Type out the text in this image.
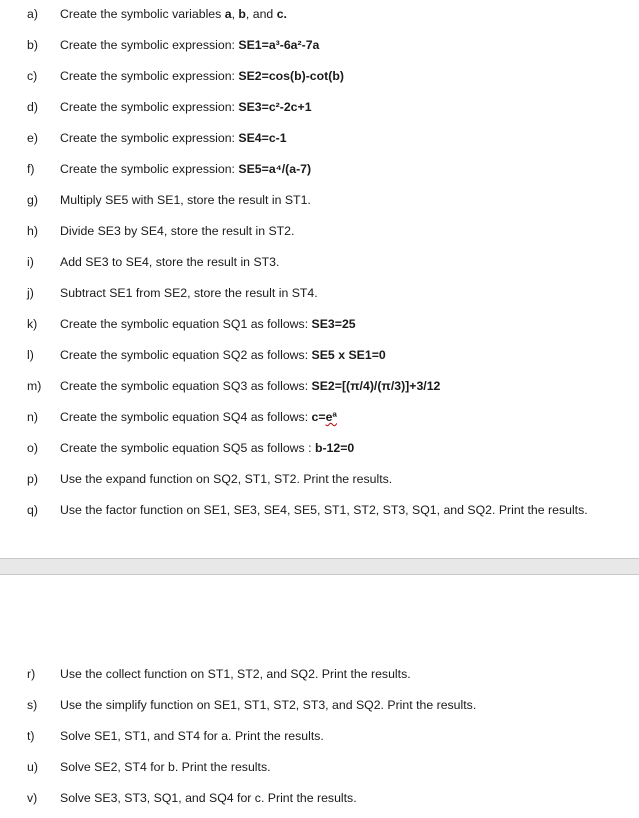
a)	Create the symbolic variables a, b, and c.
b)	Create the symbolic expression: SE1=a³-6a²-7a
c)	Create the symbolic expression: SE2=cos(b)-cot(b)
d)	Create the symbolic expression: SE3=c²-2c+1
e)	Create the symbolic expression: SE4=c-1
f)	Create the symbolic expression: SE5=a⁴/(a-7)
g)	Multiply SE5 with SE1, store the result in ST1.
h)	Divide SE3 by SE4, store the result in ST2.
i)	Add SE3 to SE4, store the result in ST3.
j)	Subtract SE1 from SE2, store the result in ST4.
k)	Create the symbolic equation SQ1 as follows: SE3=25
l)	Create the symbolic equation SQ2 as follows: SE5 x SE1=0
m)	Create the symbolic equation SQ3 as follows: SE2=[(π/4)/(π/3)]+3/12
n)	Create the symbolic equation SQ4 as follows: c=eª
o)	Create the symbolic equation SQ5 as follows : b-12=0
p)	Use the expand function on SQ2, ST1, ST2. Print the results.
q)	Use the factor function on SE1, SE3, SE4, SE5, ST1, ST2, ST3, SQ1, and SQ2. Print the results.
r)	Use the collect function on ST1, ST2, and SQ2. Print the results.
s)	Use the simplify function on SE1, ST1, ST2, ST3, and SQ2. Print the results.
t)	Solve SE1, ST1, and ST4 for a. Print the results.
u)	Solve SE2, ST4 for b. Print the results.
v)	Solve SE3, ST3, SQ1, and SQ4 for c. Print the results.
